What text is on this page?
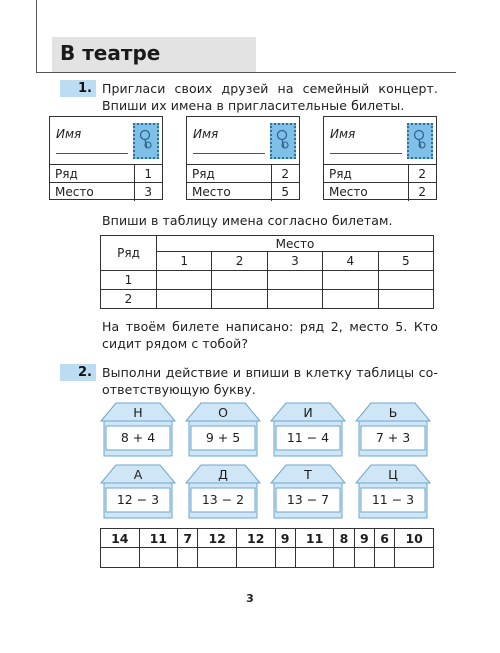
В театре
1. Пригласи своих друзей на семейный концерт.
Впиши их имена в пригласительные билеты.
Имя
Ряд	1
Место	3
Имя
Ряд	2
Место	5
Имя
Ряд	2
Место	2
Впиши в таблицу имена согласно билетам.
Ряд	Место				
	1	2	3	4	5
1					
2					
На твоём билете написано: ряд 2, место 5. Кто
сидит рядом с тобой?
2. Выполни действие и впиши в клетку таблицы со-
ответствующую букву.
Н
8 + 4
О
9 + 5
И
11 − 4
Ь
7 + 3
А
12 − 3
Д
13 − 2
Т
13 − 7
Ц
11 − 3
14	11	7	12	12	9	11	8	9	6	10

3
